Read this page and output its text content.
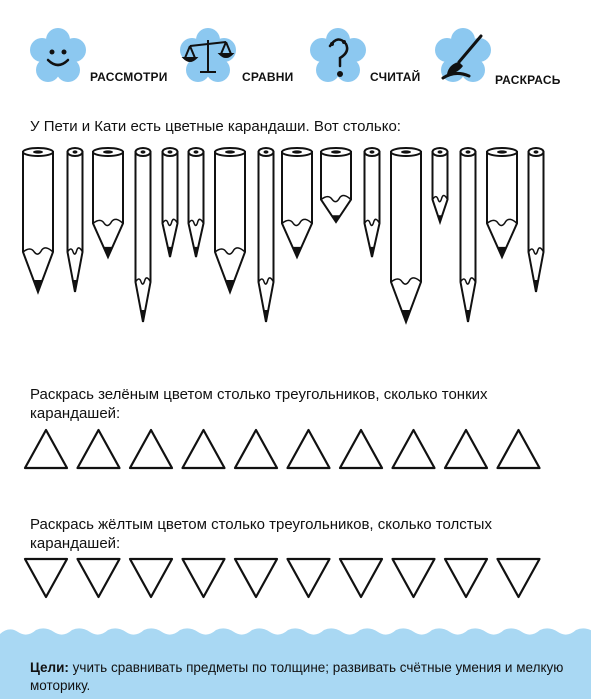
РАССМОТРИ	СРАВНИ	СЧИТАЙ	РАСКРАСЬ
У Пети и Кати есть цветные карандаши. Вот столько:
Раскрась зелёным цветом столько треугольников, сколько тонких карандашей:
Раскрась жёлтым цветом столько треугольников, сколько толстых карандашей:
Цели: учить сравнивать предметы по толщине; развивать счётные умения и мелкую моторику.
